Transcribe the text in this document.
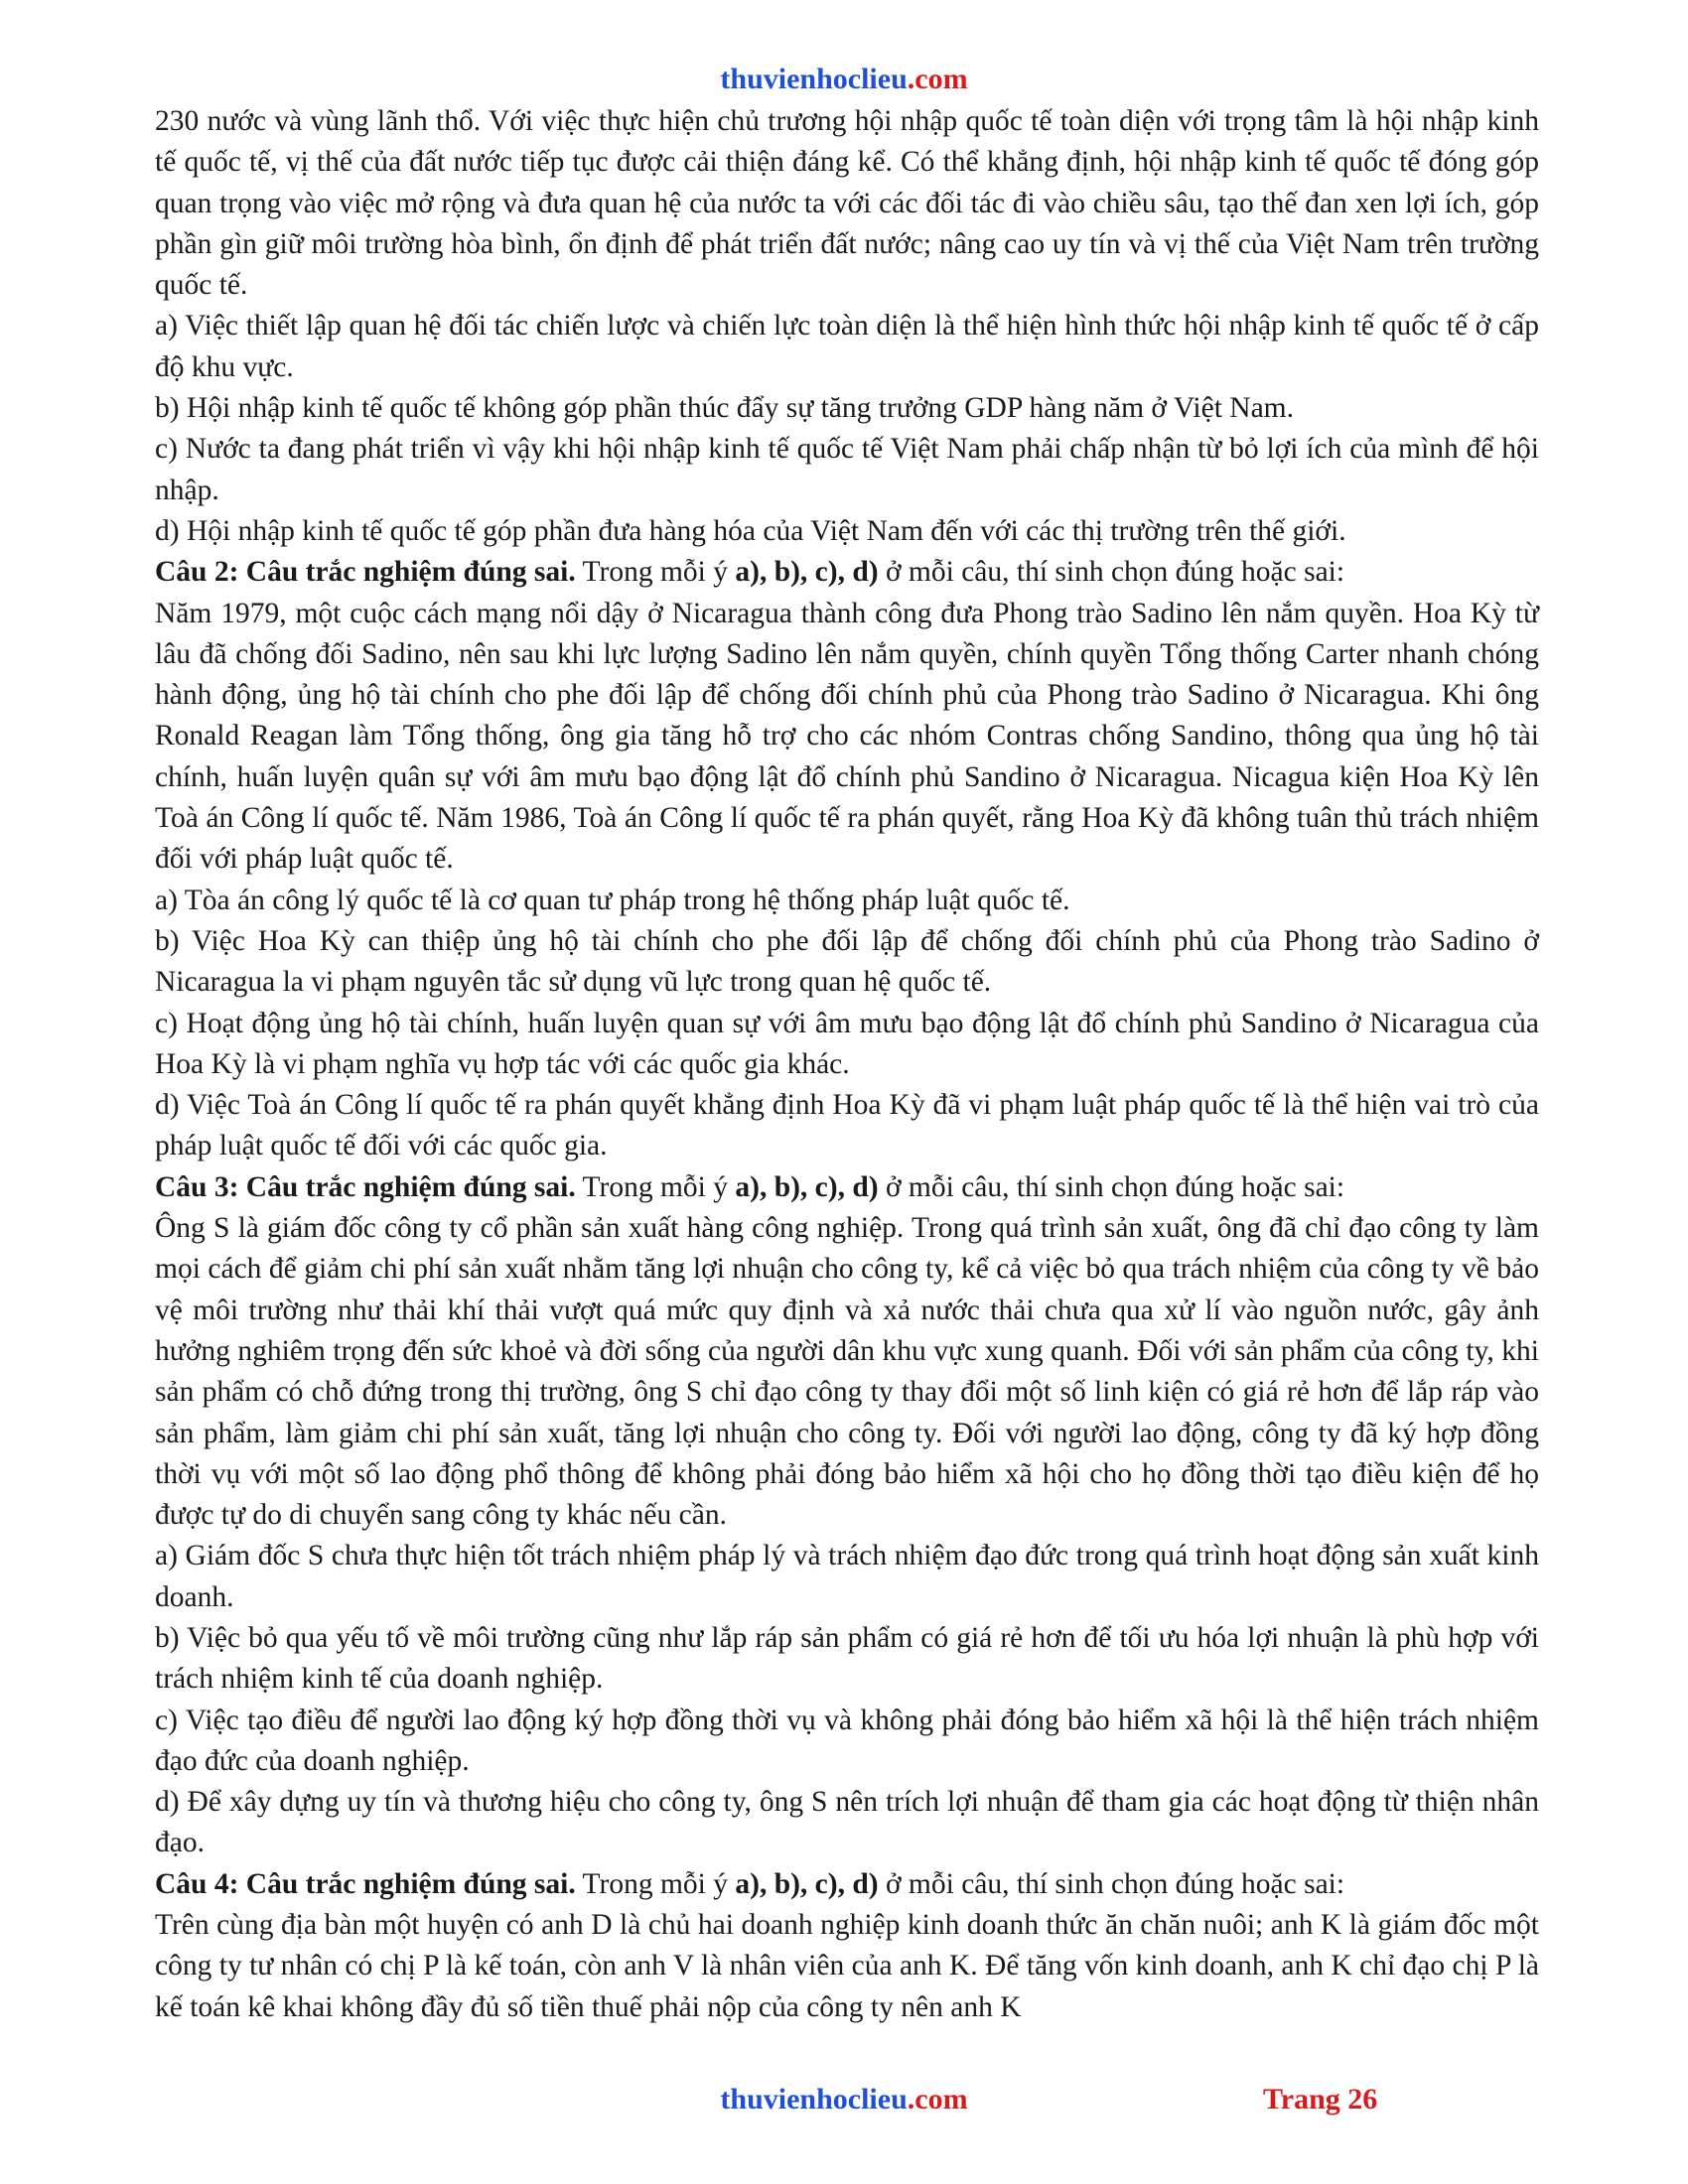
thuvienhoclieu.com

230 nước và vùng lãnh thổ. Với việc thực hiện chủ trương hội nhập quốc tế toàn diện với trọng tâm là hội nhập kinh tế quốc tế, vị thế của đất nước tiếp tục được cải thiện đáng kể. Có thể khẳng định, hội nhập kinh tế quốc tế đóng góp quan trọng vào việc mở rộng và đưa quan hệ của nước ta với các đối tác đi vào chiều sâu, tạo thế đan xen lợi ích, góp phần gìn giữ môi trường hòa bình, ổn định để phát triển đất nước; nâng cao uy tín và vị thế của Việt Nam trên trường quốc tế.

a) Việc thiết lập quan hệ đối tác chiến lược và chiến lực toàn diện là thể hiện hình thức hội nhập kinh tế quốc tế ở cấp độ khu vực.

b) Hội nhập kinh tế quốc tế không góp phần thúc đẩy sự tăng trưởng GDP hàng năm ở Việt Nam.

c) Nước ta đang phát triển vì vậy khi hội nhập kinh tế quốc tế Việt Nam phải chấp nhận từ bỏ lợi ích của mình để hội nhập.

d) Hội nhập kinh tế quốc tế góp phần đưa hàng hóa của Việt Nam đến với các thị trường trên thế giới.

Câu 2: Câu trắc nghiệm đúng sai. Trong mỗi ý a), b), c), d) ở mỗi câu, thí sinh chọn đúng hoặc sai:

Năm 1979, một cuộc cách mạng nổi dậy ở Nicaragua thành công đưa Phong trào Sadino lên nắm quyền. Hoa Kỳ từ lâu đã chống đối Sadino, nên sau khi lực lượng Sadino lên nắm quyền, chính quyền Tổng thống Carter nhanh chóng hành động, ủng hộ tài chính cho phe đối lập để chống đối chính phủ của Phong trào Sadino ở Nicaragua. Khi ông Ronald Reagan làm Tổng thống, ông gia tăng hỗ trợ cho các nhóm Contras chống Sandino, thông qua ủng hộ tài chính, huấn luyện quân sự với âm mưu bạo động lật đổ chính phủ Sandino ở Nicaragua. Nicagua kiện Hoa Kỳ lên Toà án Công lí quốc tế. Năm 1986, Toà án Công lí quốc tế ra phán quyết, rằng Hoa Kỳ đã không tuân thủ trách nhiệm đối với pháp luật quốc tế.

a) Tòa án công lý quốc tế là cơ quan tư pháp trong hệ thống pháp luật quốc tế.

b) Việc Hoa Kỳ can thiệp ủng hộ tài chính cho phe đối lập để chống đối chính phủ của Phong trào Sadino ở Nicaragua la vi phạm nguyên tắc sử dụng vũ lực trong quan hệ quốc tế.

c) Hoạt động ủng hộ tài chính, huấn luyện quan sự với âm mưu bạo động lật đổ chính phủ Sandino ở Nicaragua của Hoa Kỳ là vi phạm nghĩa vụ hợp tác với các quốc gia khác.

d) Việc Toà án Công lí quốc tế ra phán quyết khẳng định Hoa Kỳ đã vi phạm luật pháp quốc tế là thể hiện vai trò của pháp luật quốc tế đối với các quốc gia.

Câu 3: Câu trắc nghiệm đúng sai. Trong mỗi ý a), b), c), d) ở mỗi câu, thí sinh chọn đúng hoặc sai:

Ông S là giám đốc công ty cổ phần sản xuất hàng công nghiệp. Trong quá trình sản xuất, ông đã chỉ đạo công ty làm mọi cách để giảm chi phí sản xuất nhằm tăng lợi nhuận cho công ty, kể cả việc bỏ qua trách nhiệm của công ty về bảo vệ môi trường như thải khí thải vượt quá mức quy định và xả nước thải chưa qua xử lí vào nguồn nước, gây ảnh hưởng nghiêm trọng đến sức khoẻ và đời sống của người dân khu vực xung quanh. Đối với sản phẩm của công ty, khi sản phẩm có chỗ đứng trong thị trường, ông S chỉ đạo công ty thay đổi một số linh kiện có giá rẻ hơn để lắp ráp vào sản phẩm, làm giảm chi phí sản xuất, tăng lợi nhuận cho công ty. Đối với người lao động, công ty đã ký hợp đồng thời vụ với một số lao động phổ thông để không phải đóng bảo hiểm xã hội cho họ đồng thời tạo điều kiện để họ được tự do di chuyển sang công ty khác nếu cần.

a) Giám đốc S chưa thực hiện tốt trách nhiệm pháp lý và trách nhiệm đạo đức trong quá trình hoạt động sản xuất kinh doanh.

b) Việc bỏ qua yếu tố về môi trường cũng như lắp ráp sản phẩm có giá rẻ hơn để tối ưu hóa lợi nhuận là phù hợp với trách nhiệm kinh tế của doanh nghiệp.

c) Việc tạo điều để người lao động ký hợp đồng thời vụ và không phải đóng bảo hiểm xã hội là thể hiện trách nhiệm đạo đức của doanh nghiệp.

d) Để xây dựng uy tín và thương hiệu cho công ty, ông S nên trích lợi nhuận để tham gia các hoạt động từ thiện nhân đạo.

Câu 4: Câu trắc nghiệm đúng sai. Trong mỗi ý a), b), c), d) ở mỗi câu, thí sinh chọn đúng hoặc sai:

Trên cùng địa bàn một huyện có anh D là chủ hai doanh nghiệp kinh doanh thức ăn chăn nuôi; anh K là giám đốc một công ty tư nhân có chị P là kế toán, còn anh V là nhân viên của anh K. Để tăng vốn kinh doanh, anh K chỉ đạo chị P là kế toán kê khai không đầy đủ số tiền thuế phải nộp của công ty nên anh K

thuvienhoclieu.com	Trang 26
